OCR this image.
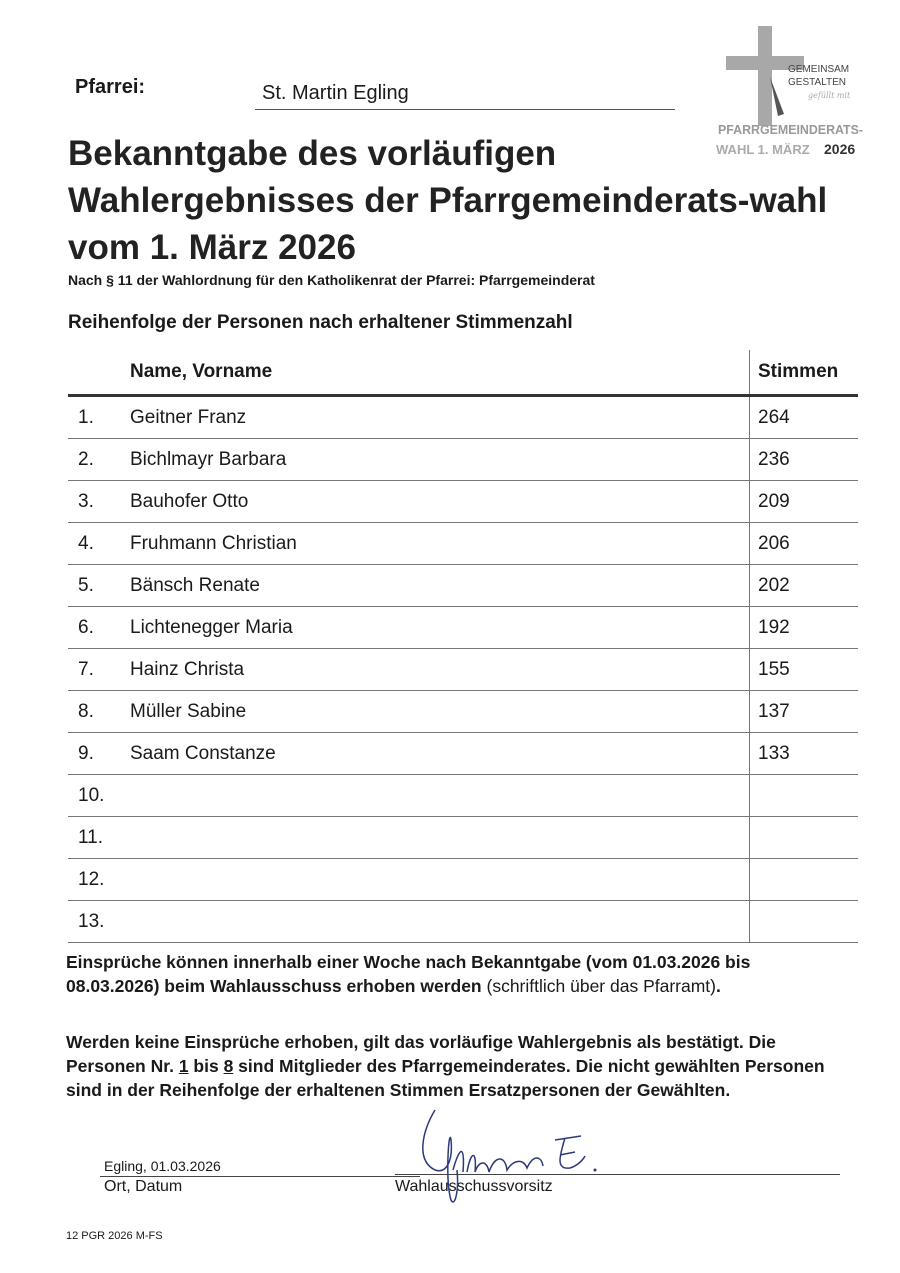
Pfarrei:	St. Martin Egling
GEMEINSAM
GESTALTEN
gefüllt mit
PFARRGEMEINDERATS-
WAHL 1. MÄRZ 2026
Bekanntgabe des vorläufigen Wahlergebnisses der Pfarrgemeinderats-wahl vom 1. März 2026
Nach § 11 der Wahlordnung für den Katholikenrat der Pfarrei: Pfarrgemeinderat
Reihenfolge der Personen nach erhaltener Stimmenzahl
	Name, Vorname	Stimmen
1.	Geitner Franz	264
2.	Bichlmayr Barbara	236
3.	Bauhofer Otto	209
4.	Fruhmann Christian	206
5.	Bänsch Renate	202
6.	Lichtenegger Maria	192
7.	Hainz Christa	155
8.	Müller Sabine	137
9.	Saam Constanze	133
10.		
11.		
12.		
13.		
Einsprüche können innerhalb einer Woche nach Bekanntgabe (vom 01.03.2026 bis 08.03.2026) beim Wahlausschuss erhoben werden (schriftlich über das Pfarramt).
Werden keine Einsprüche erhoben, gilt das vorläufige Wahlergebnis als bestätigt. Die Personen Nr. 1 bis 8 sind Mitglieder des Pfarrgemeinderates. Die nicht gewählten Personen sind in der Reihenfolge der erhaltenen Stimmen Ersatzpersonen der Gewählten.
Egling, 01.03.2026
Ort, Datum	Wahlausschussvorsitz
12 PGR 2026 M-FS
